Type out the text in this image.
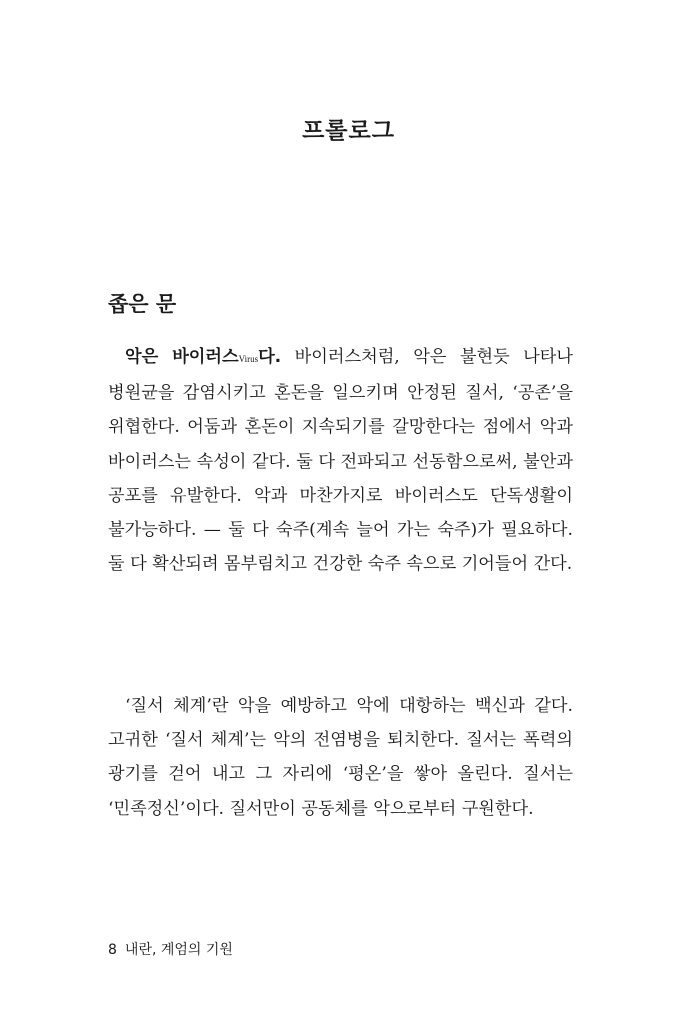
프롤로그
좁은 문
악은 바이러스Virus다. 바이러스처럼, 악은 불현듯 나타나 병원균을 감염시키고 혼돈을 일으키며 안정된 질서, ‘공존’을 위협한다. 어둠과 혼돈이 지속되기를 갈망한다는 점에서 악과 바이러스는 속성이 같다. 둘 다 전파되고 선동함으로써, 불안과 공포를 유발한다. 악과 마찬가지로 바이러스도 단독생활이 불가능하다. — 둘 다 숙주(계속 늘어 가는 숙주)가 필요하다. 둘 다 확산되려 몸부림치고 건강한 숙주 속으로 기어들어 간다.
‘질서 체계’란 악을 예방하고 악에 대항하는 백신과 같다. 고귀한 ‘질서 체계’는 악의 전염병을 퇴치한다. 질서는 폭력의 광기를 걷어 내고 그 자리에 ‘평온’을 쌓아 올린다. 질서는 ‘민족정신’이다. 질서만이 공동체를 악으로부터 구원한다.
8 내란, 계엄의 기원
